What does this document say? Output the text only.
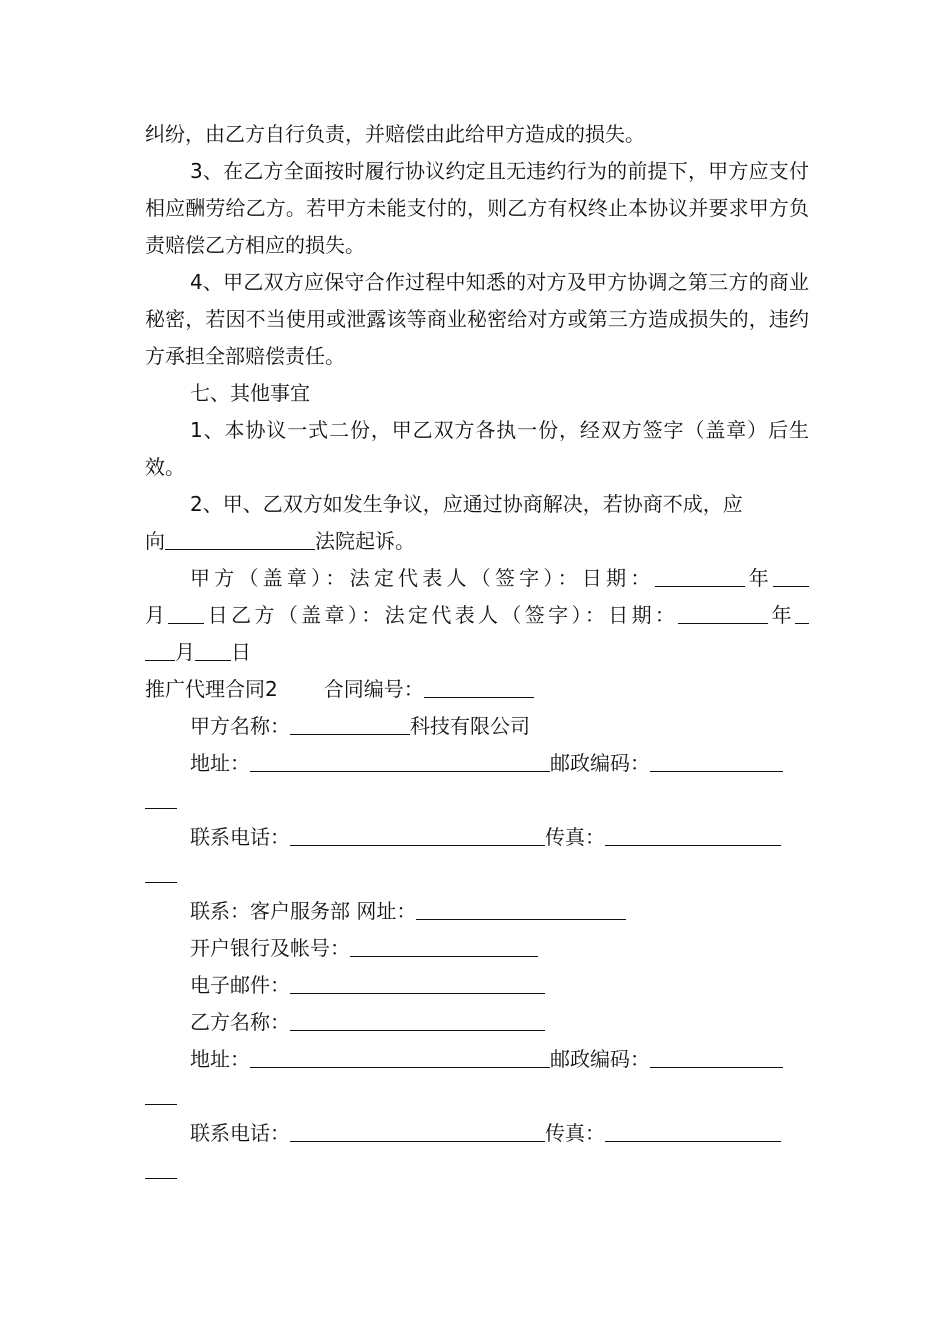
纠纷，由乙方自行负责，并赔偿由此给甲方造成的损失。

3、在乙方全面按时履行协议约定且无违约行为的前提下，甲方应支付相应酬劳给乙方。若甲方未能支付的，则乙方有权终止本协议并要求甲方负责赔偿乙方相应的损失。

4、甲乙双方应保守合作过程中知悉的对方及甲方协调之第三方的商业秘密，若因不当使用或泄露该等商业秘密给对方或第三方造成损失的，违约方承担全部赔偿责任。

七、其他事宜

1、本协议一式二份，甲乙双方各执一份，经双方签字（盖章）后生效。

2、甲、乙双方如发生争议，应通过协商解决，若协商不成，应

向	法院起诉。

甲方（盖章）：法定代表人（签字）：日期：	年

月 日乙方（盖章）：法定代表人（签字）：日期：	年

月 日

推广代理合同2 合同编号：

甲方名称：	科技有限公司

地址：	邮政编码：

联系电话：	传真：

联系：客户服务部 网址：

开户银行及帐号：

电子邮件：

乙方名称：

地址：	邮政编码：

联系电话：	传真：
